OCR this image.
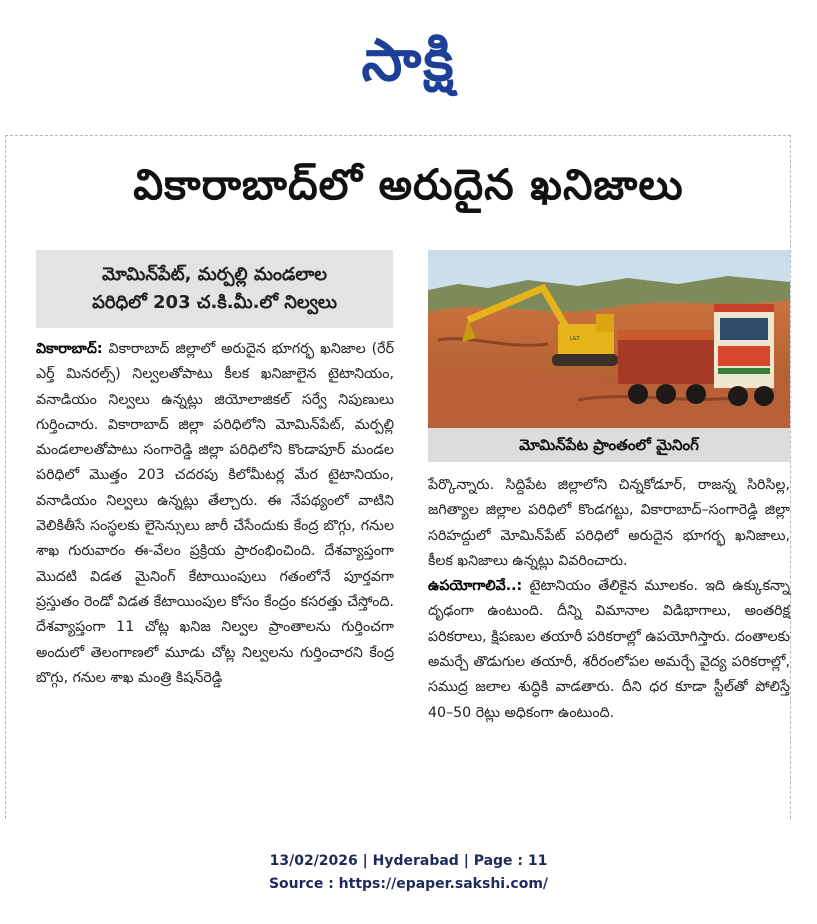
సాక్షి
వికారాబాద్‌లో అరుదైన ఖనిజాలు
మోమిన్‌పేట్, మర్పల్లి మండలాల
పరిధిలో 203 చ.కి.మీ.లో నిల్వలు
L&T
మోమిన్‌పేట ప్రాంతంలో మైనింగ్

వికారాబాద్: వికారాబాద్ జిల్లాలో అరుదైన భూగర్భ ఖనిజాల (రేర్ ఎర్త్ మినరల్స్) నిల్వలతోపాటు కీలక ఖనిజాలైన టైటానియం, వనాడియం నిల్వలు ఉన్నట్లు జియోలాజికల్ సర్వే నిపుణులు గుర్తించారు. వికారాబాద్ జిల్లా పరిధిలోని మోమిన్‌పేట్, మర్పల్లి మండలాలతోపాటు సంగారెడ్డి జిల్లా పరిధిలోని కొండాపూర్ మండల పరిధిలో మొత్తం 203 చదరపు కిలోమీటర్ల మేర టైటానియం, వనాడియం నిల్వలు ఉన్నట్లు తేల్చారు. ఈ నేపథ్యంలో వాటిని వెలికితీసే సంస్థలకు లైసెన్సులు జారీ చేసేందుకు కేంద్ర బొగ్గు, గనుల శాఖ గురువారం ఈ-వేలం ప్రక్రియ ప్రారంభించింది. దేశవ్యాప్తంగా మొదటి విడత మైనింగ్ కేటాయింపులు గతంలోనే పూర్తవగా ప్రస్తుతం రెండో విడత కేటాయింపుల కోసం కేంద్రం కసరత్తు చేస్తోంది. దేశవ్యాప్తంగా 11 చోట్ల ఖనిజ నిల్వల ప్రాంతాలను గుర్తించగా అందులో తెలంగాణలో మూడు చోట్ల నిల్వలను గుర్తించారని కేంద్ర బొగ్గు, గనుల శాఖ మంత్రి కిషన్‌రెడ్డి

పేర్కొన్నారు. సిద్దిపేట జిల్లాలోని చిన్నకోడూర్, రాజన్న సిరిసిల్ల, జగిత్యాల జిల్లాల పరిధిలో కొండగట్టు, వికారాబాద్–సంగారెడ్డి జిల్లా సరిహద్దులో మోమిన్‌పేట్ పరిధిలో అరుదైన భూగర్భ ఖనిజాలు, కీలక ఖనిజాలు ఉన్నట్లు వివరించారు.

ఉపయోగాలివే..: టైటానియం తేలికైన మూలకం. ఇది ఉక్కుకన్నా దృఢంగా ఉంటుంది. దీన్ని విమానాల విడిభాగాలు, అంతరిక్ష పరికరాలు, క్షిపణుల తయారీ పరికరాల్లో ఉపయోగిస్తారు. దంతాలకు అమర్చే తొడుగుల తయారీ, శరీరంలోపల అమర్చే వైద్య పరికరాల్లో, సముద్ర జలాల శుద్ధికి వాడతారు. దీని ధర కూడా స్టీల్‌తో పోలిస్తే 40–50 రెట్లు అధికంగా ఉంటుంది.

13/02/2026 | Hyderabad | Page : 11
Source : https://epaper.sakshi.com/
